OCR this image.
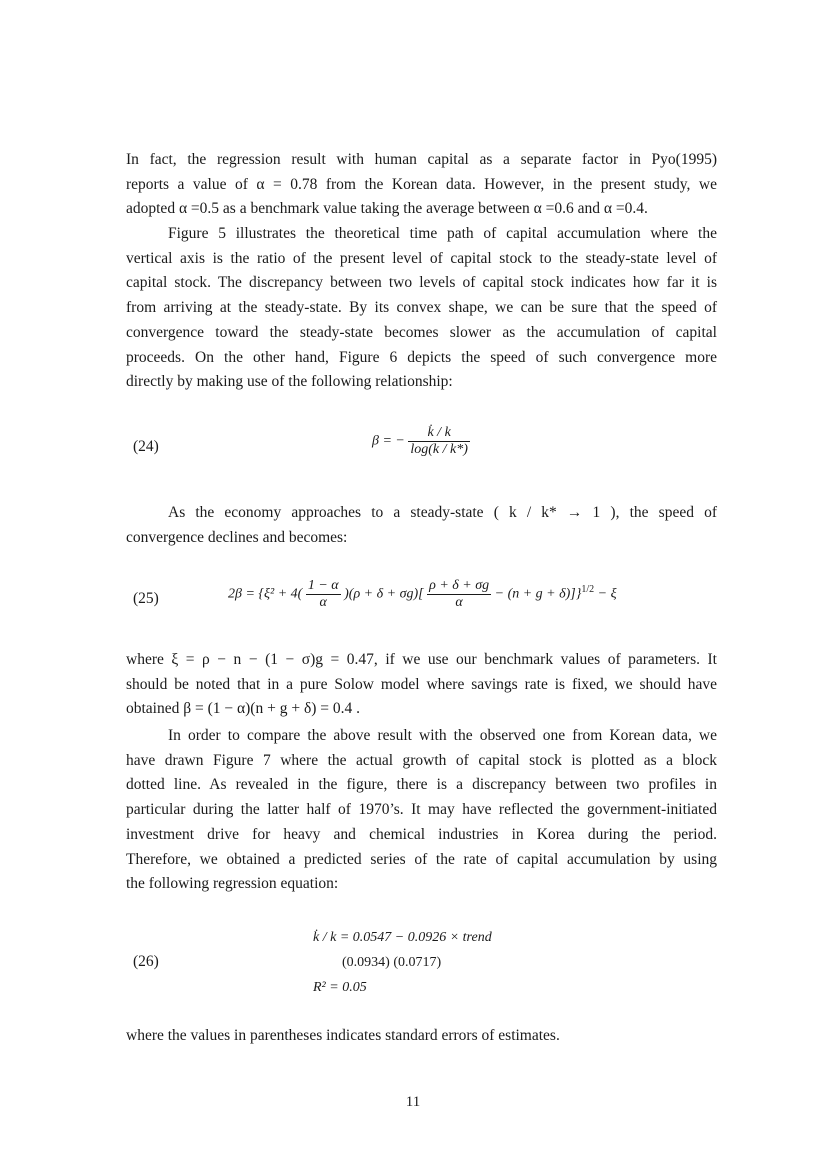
In fact, the regression result with human capital as a separate factor in Pyo(1995)
reports a value of α = 0.78 from the Korean data. However, in the present study, we
adopted α =0.5 as a benchmark value taking the average between α =0.6 and α =0.4.

Figure 5 illustrates the theoretical time path of capital accumulation where the
vertical axis is the ratio of the present level of capital stock to the steady-state level of
capital stock. The discrepancy between two levels of capital stock indicates how far it is
from arriving at the steady-state. By its convex shape, we can be sure that the speed of
convergence toward the steady-state becomes slower as the accumulation of capital
proceeds. On the other hand, Figure 6 depicts the speed of such convergence more
directly by making use of the following relationship:

(24)	β = − $\frac{k̇ / k}{\log(k / k*)}$

As the economy approaches to a steady-state ( k / k* → 1 ), the speed of
convergence declines and becomes:

(25)	$2\beta = \{\xi^2 + 4( \frac{1 - \alpha}{\alpha} )(\rho + \delta + \sigma g)[ \frac{\rho + \delta + \sigma g}{\alpha} - (n + g + \delta)]\}^{1/2} - \xi$

where ξ = ρ − n − (1 − σ)g = 0.47, if we use our benchmark values of parameters. It
should be noted that in a pure Solow model where savings rate is fixed, we should have
obtained β = (1 − α)(n + g + δ) = 0.4 .

In order to compare the above result with the observed one from Korean data, we
have drawn Figure 7 where the actual growth of capital stock is plotted as a block
dotted line. As revealed in the figure, there is a discrepancy between two profiles in
particular during the latter half of 1970’s. It may have reflected the government-initiated
investment drive for heavy and chemical industries in Korea during the period.
Therefore, we obtained a predicted series of the rate of capital accumulation by using
the following regression equation:

(26)
k̇ / k = 0.0547 − 0.0926 × trend
(0.0934) (0.0717)
R² = 0.05

where the values in parentheses indicates standard errors of estimates.

11
